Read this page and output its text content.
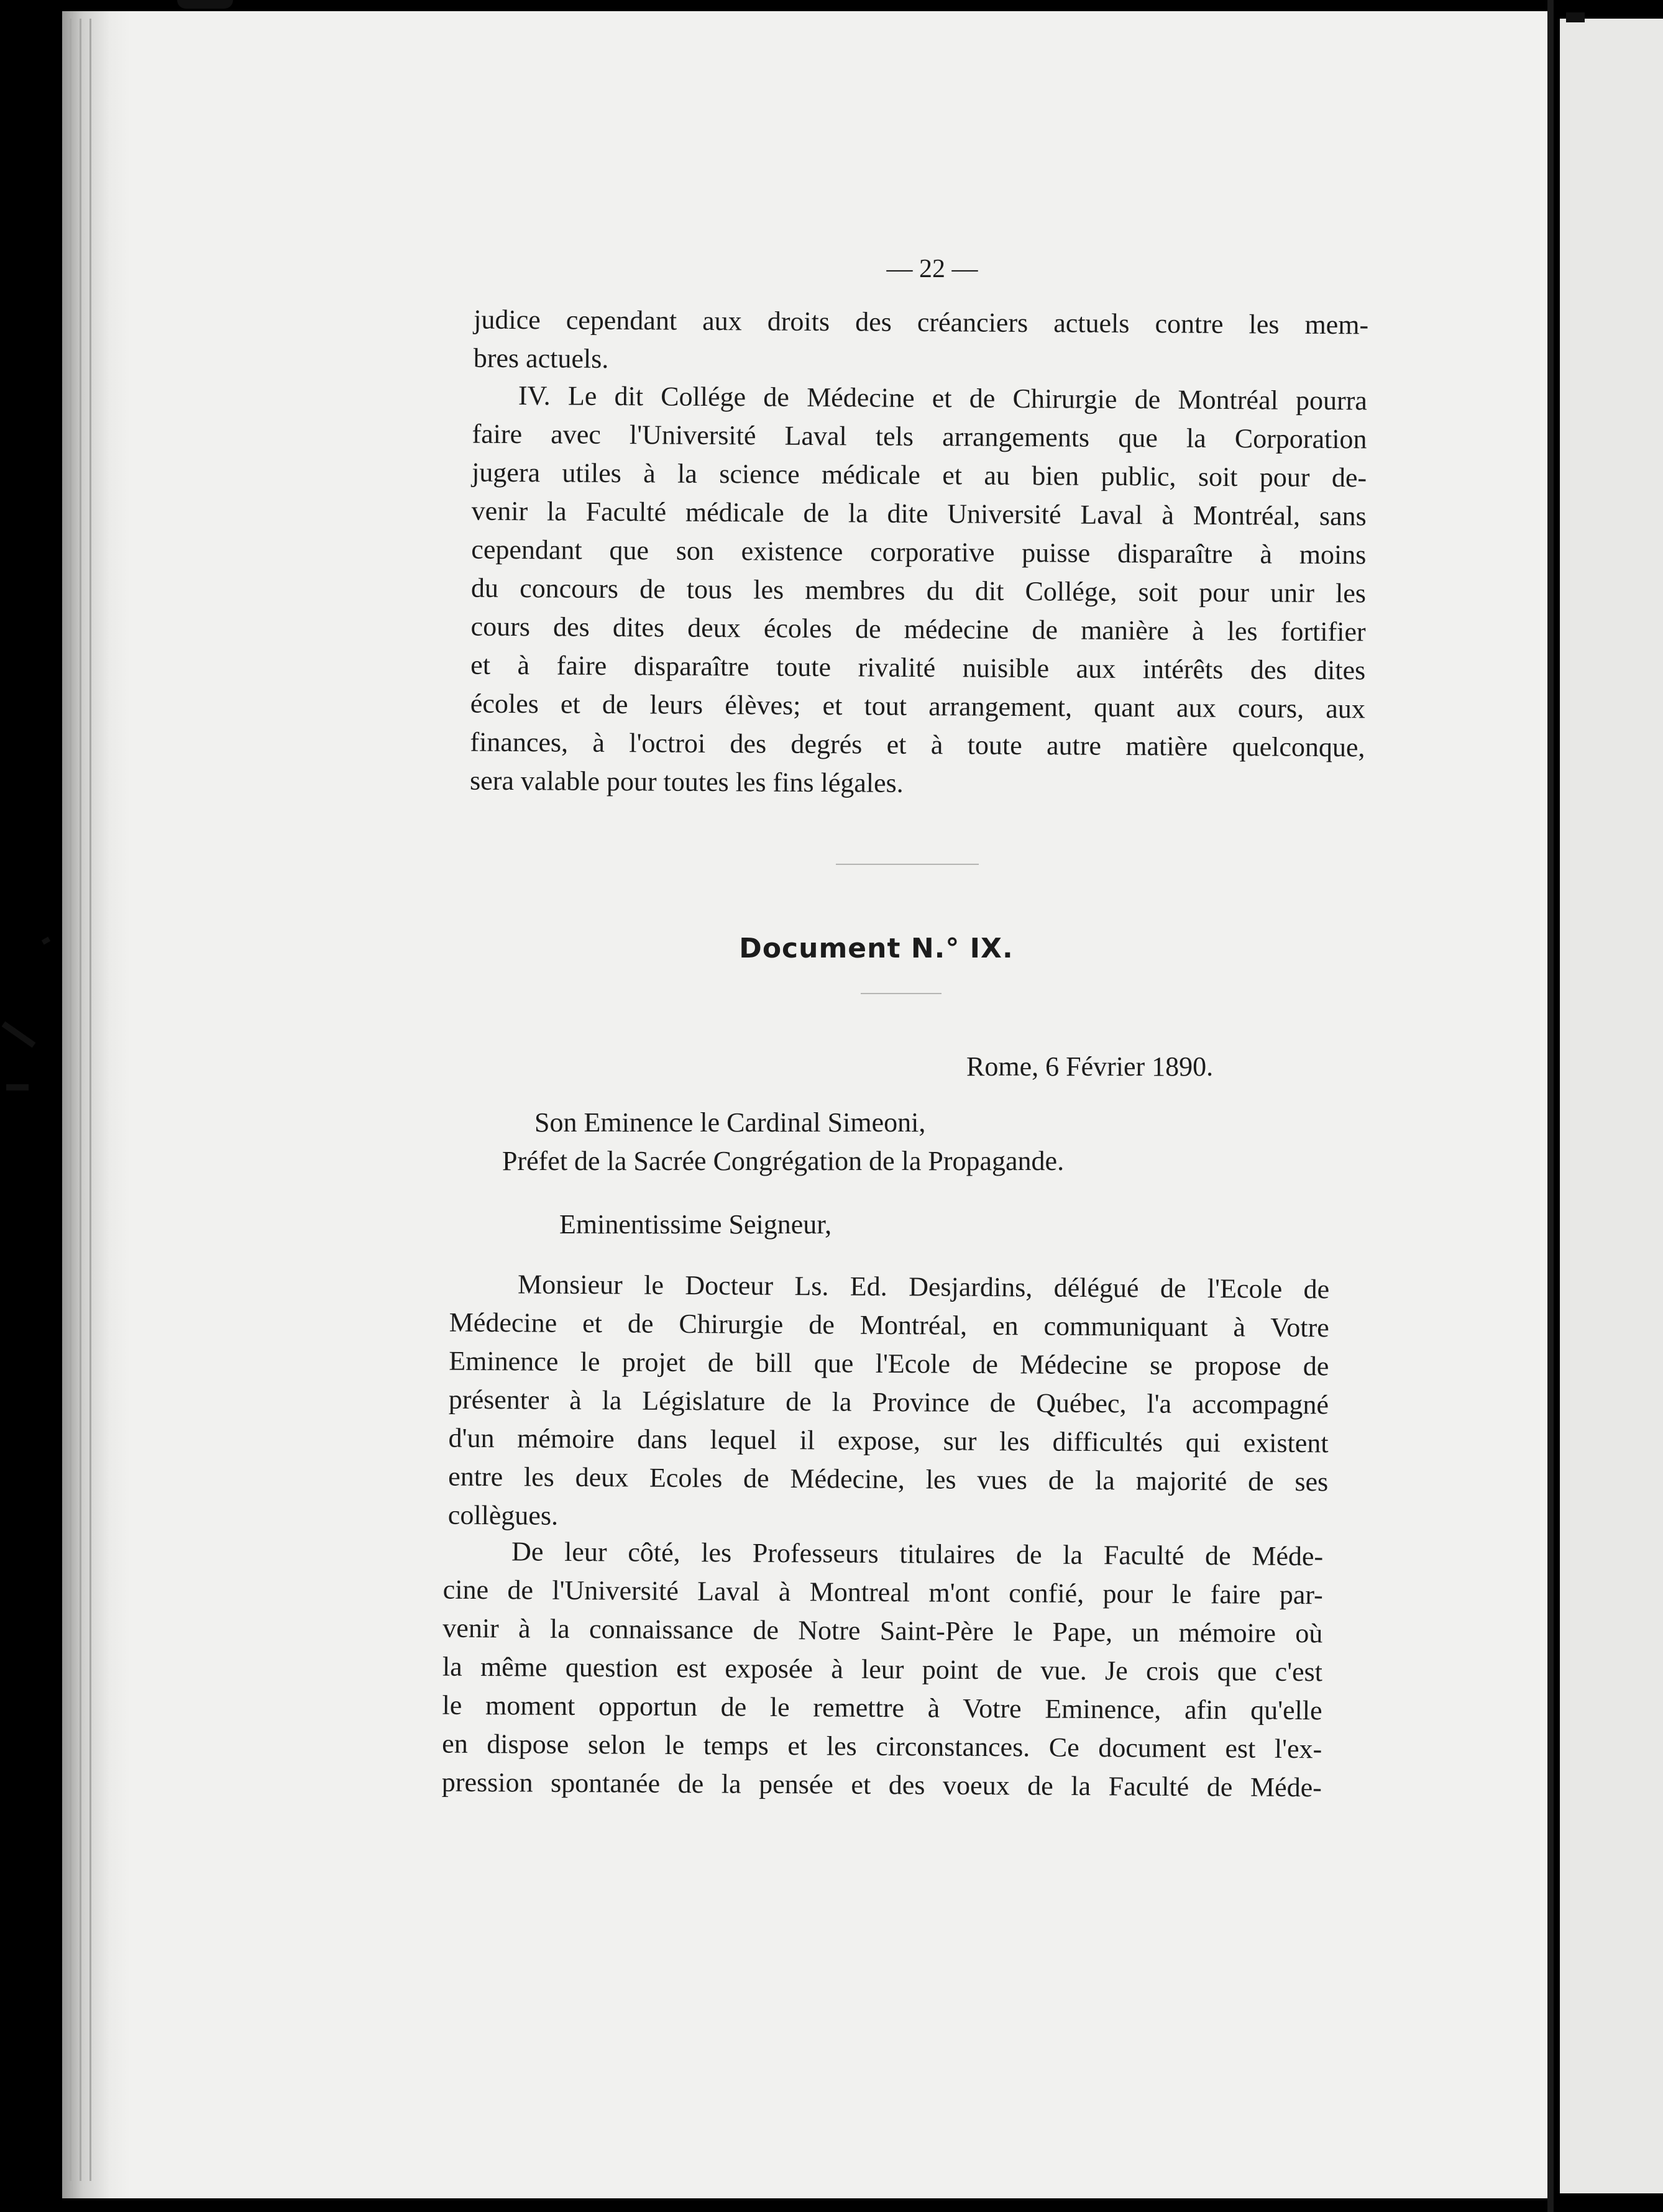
— 22 —
judice cependant aux droits des créanciers actuels contre les mem-
bres actuels.
IV. Le dit Collége de Médecine et de Chirurgie de Montréal pourra
faire avec l'Université Laval tels arrangements que la Corporation
jugera utiles à la science médicale et au bien public, soit pour de-
venir la Faculté médicale de la dite Université Laval à Montréal, sans
cependant que son existence corporative puisse disparaître à moins
du concours de tous les membres du dit Collége, soit pour unir les
cours des dites deux écoles de médecine de manière à les fortifier
et à faire disparaître toute rivalité nuisible aux intérêts des dites
écoles et de leurs élèves; et tout arrangement, quant aux cours, aux
finances, à l'octroi des degrés et à toute autre matière quelconque,
sera valable pour toutes les fins légales.
Document N.° IX.
Rome, 6 Février 1890.
Son Eminence le Cardinal Simeoni,
Préfet de la Sacrée Congrégation de la Propagande.
Eminentissime Seigneur,
Monsieur le Docteur Ls. Ed. Desjardins, délégué de l'Ecole de
Médecine et de Chirurgie de Montréal, en communiquant à Votre
Eminence le projet de bill que l'Ecole de Médecine se propose de
présenter à la Législature de la Province de Québec, l'a accompagné
d'un mémoire dans lequel il expose, sur les difficultés qui existent
entre les deux Ecoles de Médecine, les vues de la majorité de ses
collègues.
De leur côté, les Professeurs titulaires de la Faculté de Méde-
cine de l'Université Laval à Montreal m'ont confié, pour le faire par-
venir à la connaissance de Notre Saint-Père le Pape, un mémoire où
la même question est exposée à leur point de vue. Je crois que c'est
le moment opportun de le remettre à Votre Eminence, afin qu'elle
en dispose selon le temps et les circonstances. Ce document est l'ex-
pression spontanée de la pensée et des voeux de la Faculté de Méde-
